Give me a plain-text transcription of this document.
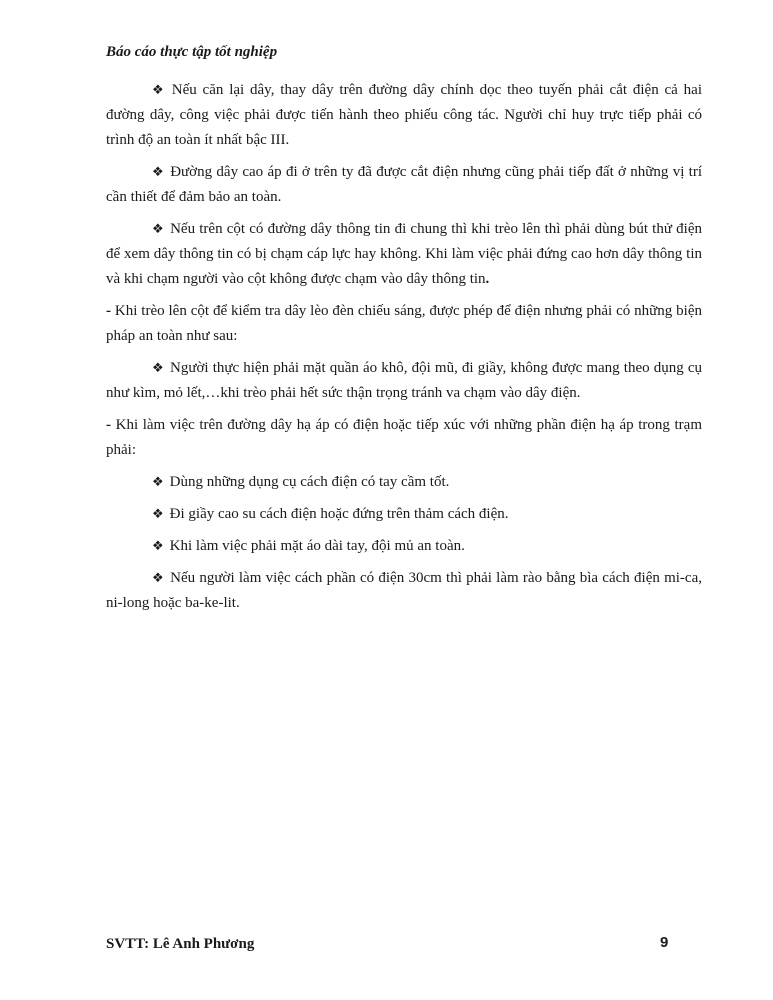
Báo cáo thực tập tốt nghiệp

❖ Nếu căn lại dây, thay dây trên đường dây chính dọc theo tuyến phải cắt điện cả hai đường dây, công việc phải được tiến hành theo phiếu công tác. Người chỉ huy trực tiếp phải có trình độ an toàn ít nhất bậc III.

❖ Đường dây cao áp đi ở trên ty đã được cắt điện nhưng cũng phải tiếp đất ở những vị trí cần thiết để đảm bảo an toàn.

❖ Nếu trên cột có đường dây thông tin đi chung thì khi trèo lên thì phải dùng bút thử điện để xem dây thông tin có bị chạm cáp lực hay không. Khi làm việc phải đứng cao hơn dây thông tin và khi chạm người vào cột không được chạm vào dây thông tin.

- Khi trèo lên cột để kiểm tra dây lèo đèn chiếu sáng, được phép để điện nhưng phải có những biện pháp an toàn như sau:

❖ Người thực hiện phải mặt quần áo khô, đội mũ, đi giầy, không được mang theo dụng cụ như kìm, mỏ lết,…khi trèo phải hết sức thận trọng tránh va chạm vào dây điện.

- Khi làm việc trên đường dây hạ áp có điện hoặc tiếp xúc với những phần điện hạ áp trong trạm phải:

❖ Dùng những dụng cụ cách điện có tay cầm tốt.

❖ Đi giầy cao su cách điện hoặc đứng trên thảm cách điện.

❖ Khi làm việc phải mặt áo dài tay, đội mủ an toàn.

❖ Nếu người làm việc cách phần có điện 30cm thì phải làm rào bằng bìa cách điện mi-ca, ni-long hoặc ba-ke-lit.

SVTT: Lê Anh Phương	9
